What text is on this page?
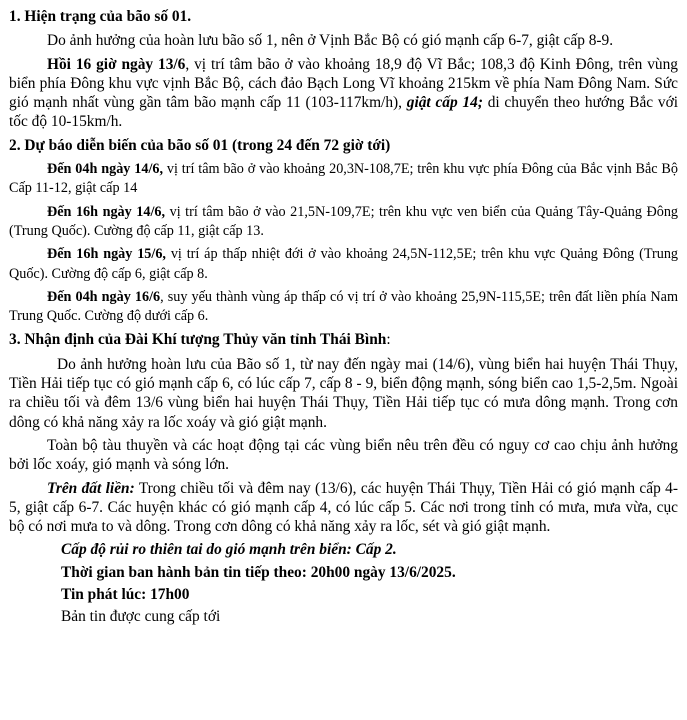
1. Hiện trạng của bão số 01.

Do ảnh hưởng của hoàn lưu bão số 1, nên ở Vịnh Bắc Bộ có gió mạnh cấp 6-7, giật cấp 8-9.

Hồi 16 giờ ngày 13/6, vị trí tâm bão ở vào khoảng 18,9 độ Vĩ Bắc; 108,3 độ Kinh Đông, trên vùng biển phía Đông khu vực vịnh Bắc Bộ, cách đảo Bạch Long Vĩ khoảng 215km về phía Nam Đông Nam. Sức gió mạnh nhất vùng gần tâm bão mạnh cấp 11 (103-117km/h), giật cấp 14; di chuyển theo hướng Bắc với tốc độ 10-15km/h.

2. Dự báo diễn biến của bão số 01 (trong 24 đến 72 giờ tới)

Đến 04h ngày 14/6, vị trí tâm bão ở vào khoảng 20,3N-108,7E; trên khu vực phía Đông của Bắc vịnh Bắc Bộ Cấp 11-12, giật cấp 14

Đến 16h ngày 14/6, vị trí tâm bão ở vào 21,5N-109,7E; trên khu vực ven biển của Quảng Tây-Quảng Đông (Trung Quốc). Cường độ cấp 11, giật cấp 13.

Đến 16h ngày 15/6, vị trí áp thấp nhiệt đới ở vào khoảng 24,5N-112,5E; trên khu vực Quảng Đông (Trung Quốc). Cường độ cấp 6, giật cấp 8.

Đến 04h ngày 16/6, suy yếu thành vùng áp thấp có vị trí ở vào khoảng 25,9N-115,5E; trên đất liền phía Nam Trung Quốc. Cường độ dưới cấp 6.

3. Nhận định của Đài Khí tượng Thủy văn tỉnh Thái Bình:

Do ảnh hưởng hoàn lưu của Bão số 1, từ nay đến ngày mai (14/6), vùng biển hai huyện Thái Thụy, Tiền Hải tiếp tục có gió mạnh cấp 6, có lúc cấp 7, cấp 8 - 9, biển động mạnh, sóng biển cao 1,5-2,5m. Ngoài ra chiều tối và đêm 13/6 vùng biển hai huyện Thái Thụy, Tiền Hải tiếp tục có mưa dông mạnh. Trong cơn dông có khả năng xảy ra lốc xoáy và gió giật mạnh.

Toàn bộ tàu thuyền và các hoạt động tại các vùng biển nêu trên đều có nguy cơ cao chịu ảnh hưởng bởi lốc xoáy, gió mạnh và sóng lớn.

Trên đất liền: Trong chiều tối và đêm nay (13/6), các huyện Thái Thụy, Tiền Hải có gió mạnh cấp 4-5, giật cấp 6-7. Các huyện khác có gió mạnh cấp 4, có lúc cấp 5. Các nơi trong tỉnh có mưa, mưa vừa, cục bộ có nơi mưa to và dông. Trong cơn dông có khả năng xảy ra lốc, sét và gió giật mạnh.

Cấp độ rủi ro thiên tai do gió mạnh trên biển: Cấp 2.
Thời gian ban hành bản tin tiếp theo: 20h00 ngày 13/6/2025.
Tin phát lúc: 17h00
Bản tin được cung cấp tới
